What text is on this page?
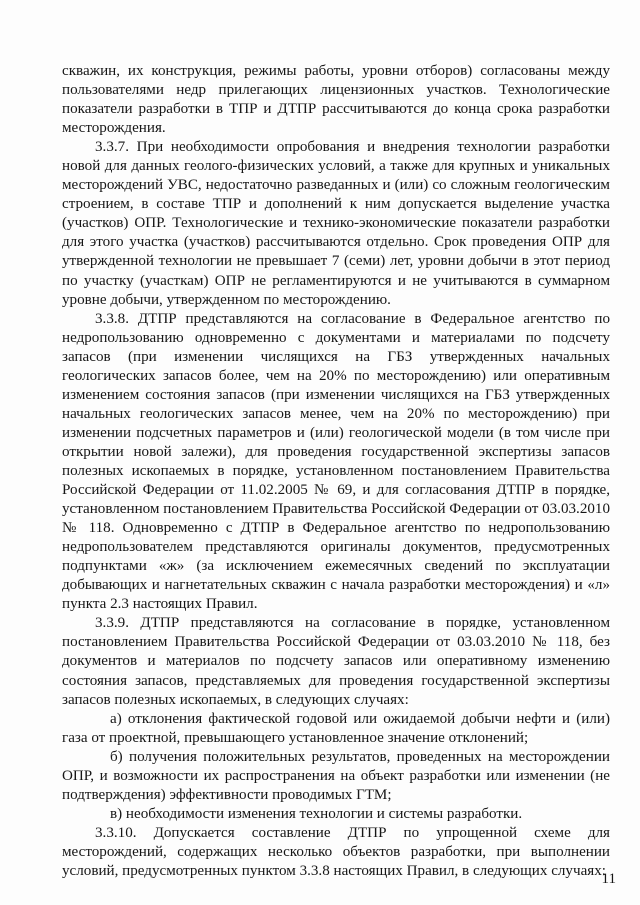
скважин, их конструкция, режимы работы, уровни отборов) согласованы между пользователями недр прилегающих лицензионных участков. Технологические показатели разработки в ТПР и ДТПР рассчитываются до конца срока разработки месторождения.

3.3.7. При необходимости опробования и внедрения технологии разработки новой для данных геолого-физических условий, а также для крупных и уникальных месторождений УВС, недостаточно разведанных и (или) со сложным геологическим строением, в составе ТПР и дополнений к ним допускается выделение участка (участков) ОПР. Технологические и технико-экономические показатели разработки для этого участка (участков) рассчитываются отдельно. Срок проведения ОПР для утвержденной технологии не превышает 7 (семи) лет, уровни добычи в этот период по участку (участкам) ОПР не регламентируются и не учитываются в суммарном уровне добычи, утвержденном по месторождению.

3.3.8. ДТПР представляются на согласование в Федеральное агентство по недропользованию одновременно с документами и материалами по подсчету запасов (при изменении числящихся на ГБЗ утвержденных начальных геологических запасов более, чем на 20% по месторождению) или оперативным изменением состояния запасов (при изменении числящихся на ГБЗ утвержденных начальных геологических запасов менее, чем на 20% по месторождению) при изменении подсчетных параметров и (или) геологической модели (в том числе при открытии новой залежи), для проведения государственной экспертизы запасов полезных ископаемых в порядке, установленном постановлением Правительства Российской Федерации от 11.02.2005 № 69, и для согласования ДТПР в порядке, установленном постановлением Правительства Российской Федерации от 03.03.2010 № 118. Одновременно с ДТПР в Федеральное агентство по недропользованию недропользователем представляются оригиналы документов, предусмотренных подпунктами «ж» (за исключением ежемесячных сведений по эксплуатации добывающих и нагнетательных скважин с начала разработки месторождения) и «л» пункта 2.3 настоящих Правил.

3.3.9. ДТПР представляются на согласование в порядке, установленном постановлением Правительства Российской Федерации от 03.03.2010 № 118, без документов и материалов по подсчету запасов или оперативному изменению состояния запасов, представляемых для проведения государственной экспертизы запасов полезных ископаемых, в следующих случаях:

а) отклонения фактической годовой или ожидаемой добычи нефти и (или) газа от проектной, превышающего установленное значение отклонений;

б) получения положительных результатов, проведенных на месторождении ОПР, и возможности их распространения на объект разработки или изменении (не подтверждения) эффективности проводимых ГТМ;

в) необходимости изменения технологии и системы разработки.

3.3.10. Допускается составление ДТПР по упрощенной схеме для месторождений, содержащих несколько объектов разработки, при выполнении условий, предусмотренных пунктом 3.3.8 настоящих Правил, в следующих случаях:

11
